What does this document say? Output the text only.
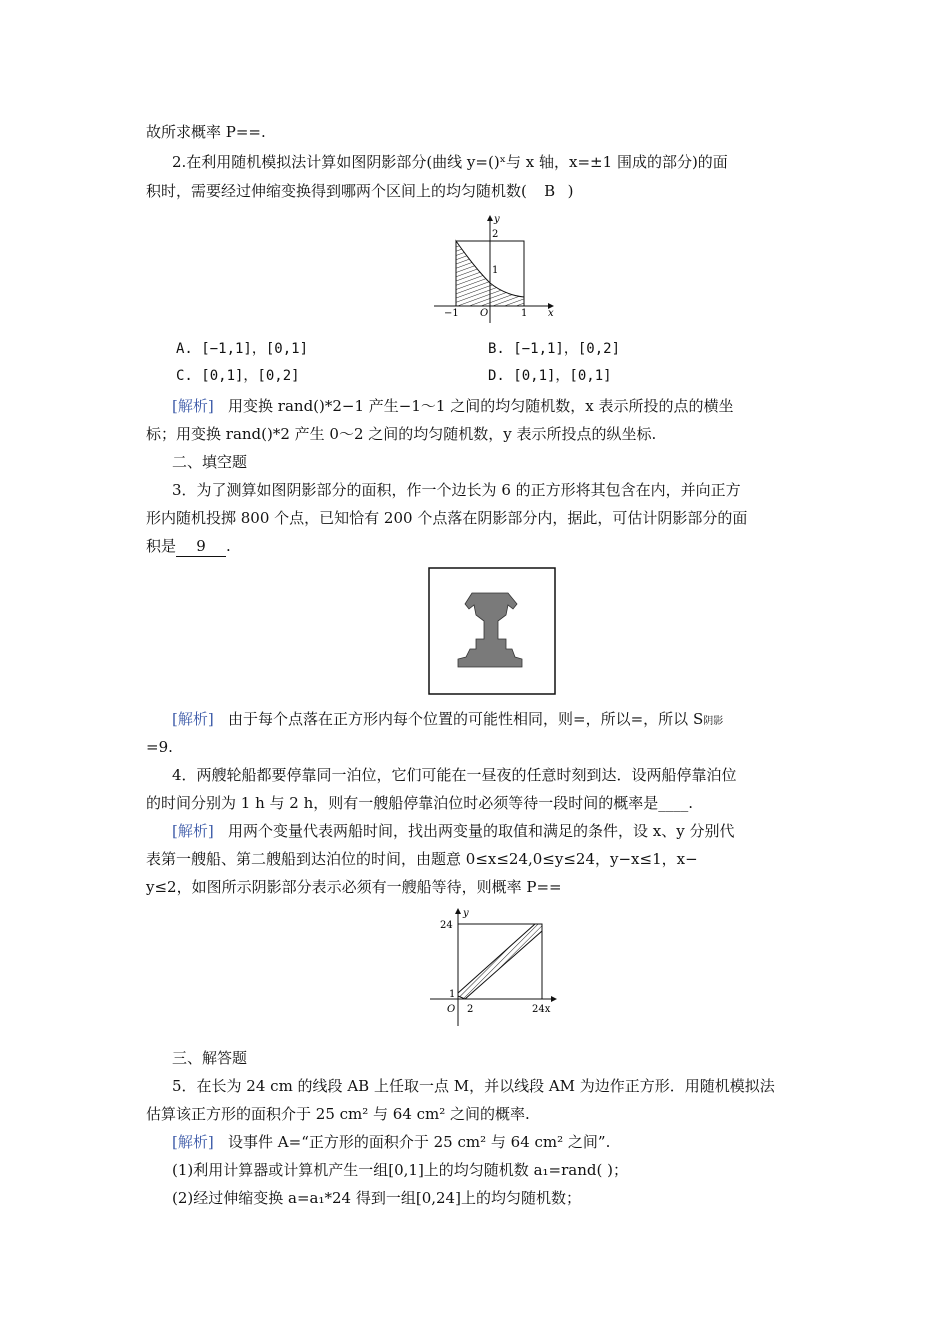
故所求概率 P==.
2.在利用随机模拟法计算如图阴影部分(曲线 y=()ˣ与 x 轴，x=±1 围成的部分)的面
积时，需要经过伸缩变换得到哪两个区间上的均匀随机数( B )
y
x
O
2
1
−1	1
A. [−1,1]，[0,1]	B. [−1,1]，[0,2]
C. [0,1]，[0,2]	D. [0,1]，[0,1]
[解析] 用变换 rand()*2−1 产生−1～1 之间的均匀随机数，x 表示所投的点的横坐
标；用变换 rand()*2 产生 0～2 之间的均匀随机数，y 表示所投点的纵坐标.
二、填空题
3．为了测算如图阴影部分的面积，作一个边长为 6 的正方形将其包含在内，并向正方
形内随机投掷 800 个点，已知恰有 200 个点落在阴影部分内，据此，可估计阴影部分的面
积是 9 .
[解析] 由于每个点落在正方形内每个位置的可能性相同，则=，所以=，所以 S阴影
=9.
4．两艘轮船都要停靠同一泊位，它们可能在一昼夜的任意时刻到达．设两船停靠泊位
的时间分别为 1 h 与 2 h，则有一艘船停靠泊位时必须等待一段时间的概率是____.
[解析] 用两个变量代表两船时间，找出两变量的取值和满足的条件，设 x、y 分别代
表第一艘船、第二艘船到达泊位的时间，由题意 0≤x≤24,0≤y≤24，y−x≤1，x−
y≤2，如图所示阴影部分表示必须有一艘船等待，则概率 P==
y
24
1
O 2	24x
三、解答题
5．在长为 24 cm 的线段 AB 上任取一点 M，并以线段 AM 为边作正方形．用随机模拟法
估算该正方形的面积介于 25 cm² 与 64 cm² 之间的概率.
[解析] 设事件 A=“正方形的面积介于 25 cm² 与 64 cm² 之间”.
(1)利用计算器或计算机产生一组[0,1]上的均匀随机数 a₁=rand( )；
(2)经过伸缩变换 a=a₁*24 得到一组[0,24]上的均匀随机数；
